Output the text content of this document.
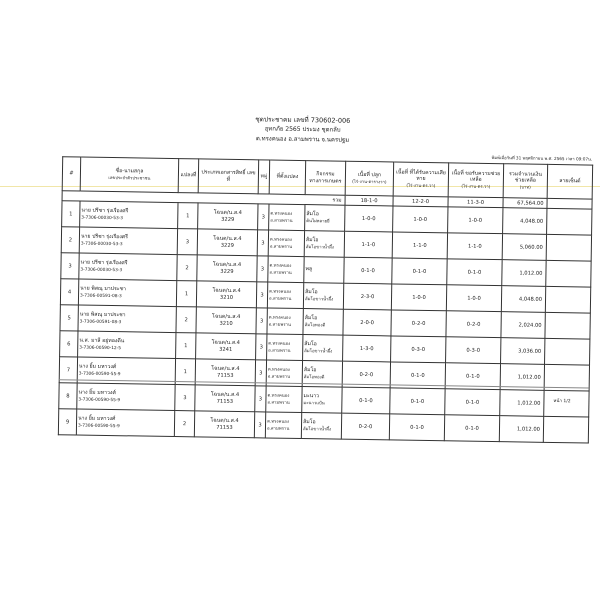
ชุดประชาคม เลขที่ 730602-006
อุทกภัย 2565 ประมง ชุดกลับ
ต.ทรงคนอง อ.สามพราน จ.นครปฐม
พิมพ์เมื่อวันที่ 31 พฤศจิกายน พ.ศ. 2565 เวลา 09:07น.
#	ชื่อ-นามสกุล
เลขประจำตัวประชาชน	แปลงที่	ประเภทเอกสารสิทธิ์ เลขที่	หมู่	ที่ตั้งแปลง	กิจกรรม ทางการเกษตร	เนื้อที่ ปลูก
(ไร่-งาน-ตารางวา)	เนื้อที่ ที่ได้รับความเสียหาย
(ไร่-งาน-ตร.วา)	เนื้อที่ ขอรับความช่วยเหลือ
(ไร่-งาน-ตร.วา)	รวมจำนวนเงิน ช่วยเหลือ
(บาท)	ลายเซ็นต์
รวม							18-1-0	12-2-0	11-3-0	67,564.00	
1	นาย ปรีชา รุ่งเรืองศรี
3-7306-00030-53-3	1	โฉนด/น.ส.4
3229	3	ต.ทรงคนอง
อ.สามพราน	ส้มโอ
ต้นไผ่หลายยี่	1-0-0	1-0-0	1-0-0	4,048.00	
2	นาย ปรีชา รุ่งเรืองศรี
3-7306-00030-53-3	3	โฉนด/น.ส.4
3229	3	ต.ทรงคนอง
อ.สามพราน	ส้มโอ
ส้มโอขาวน้ำผึ้ง	1-1-0	1-1-0	1-1-0	5,060.00	
3	นาย ปรีชา รุ่งเรืองศรี
3-7306-00030-53-3	2	โฉนด/น.ส.4
3229	3	ต.ทรงคนอง
อ.สามพราน	พลู	0-1-0	0-1-0	0-1-0	1,012.00	
4	นาย พิสณุ มาประชา
3-7306-00591-08-3	1	โฉนด/น.ส.4
3210	3	ต.ทรงคนอง
อ.สามพราน	ส้มโอ
ส้มโอขาวน้ำผึ้ง	2-3-0	1-0-0	1-0-0	4,048.00	
5	นาย พิสณุ มาประชา
3-7306-00591-08-3	2	โฉนด/น.ส.4
3210	3	ต.ทรงคนอง
อ.สามพราน	ส้มโอ
ส้มโอทองดี	2-0-0	0-2-0	0-2-0	2,024.00	
6	น.ส. มาลี อยู่ทองดีน
3-7306-00590-12-5	1	โฉนด/น.ส.4
3241	3	ต.ทรงคนอง
อ.สามพราน	ส้มโอ
ส้มโอขาวน้ำผึ้ง	1-3-0	0-3-0	0-3-0	3,036.00	
7	นาง ยิ้ม มหาวงศ์
3-7306-00590-55-9	1	โฉนด/น.ส.4
71153	3	ต.ทรงคนอง
อ.สามพราน	ส้มโอ
ส้มโอทองดี	0-2-0	0-1-0	0-1-0	1,012.00	
8	นาง ยิ้ม มหาวงศ์
3-7306-00590-55-9	3	โฉนด/น.ส.4
71153	3	ต.ทรงคนอง
อ.สามพราน	มะนาว
มะนาวแป้น	0-1-0	0-1-0	0-1-0	1,012.00	
9	นาง ยิ้ม มหาวงศ์
3-7306-00590-55-9	2	โฉนด/น.ส.4
71153	3	ต.ทรงคนอง
อ.สามพราน	ส้มโอ
ส้มโอขาวน้ำผึ้ง	0-2-0	0-1-0	0-1-0	1,012.00	
หน้า 1/2
